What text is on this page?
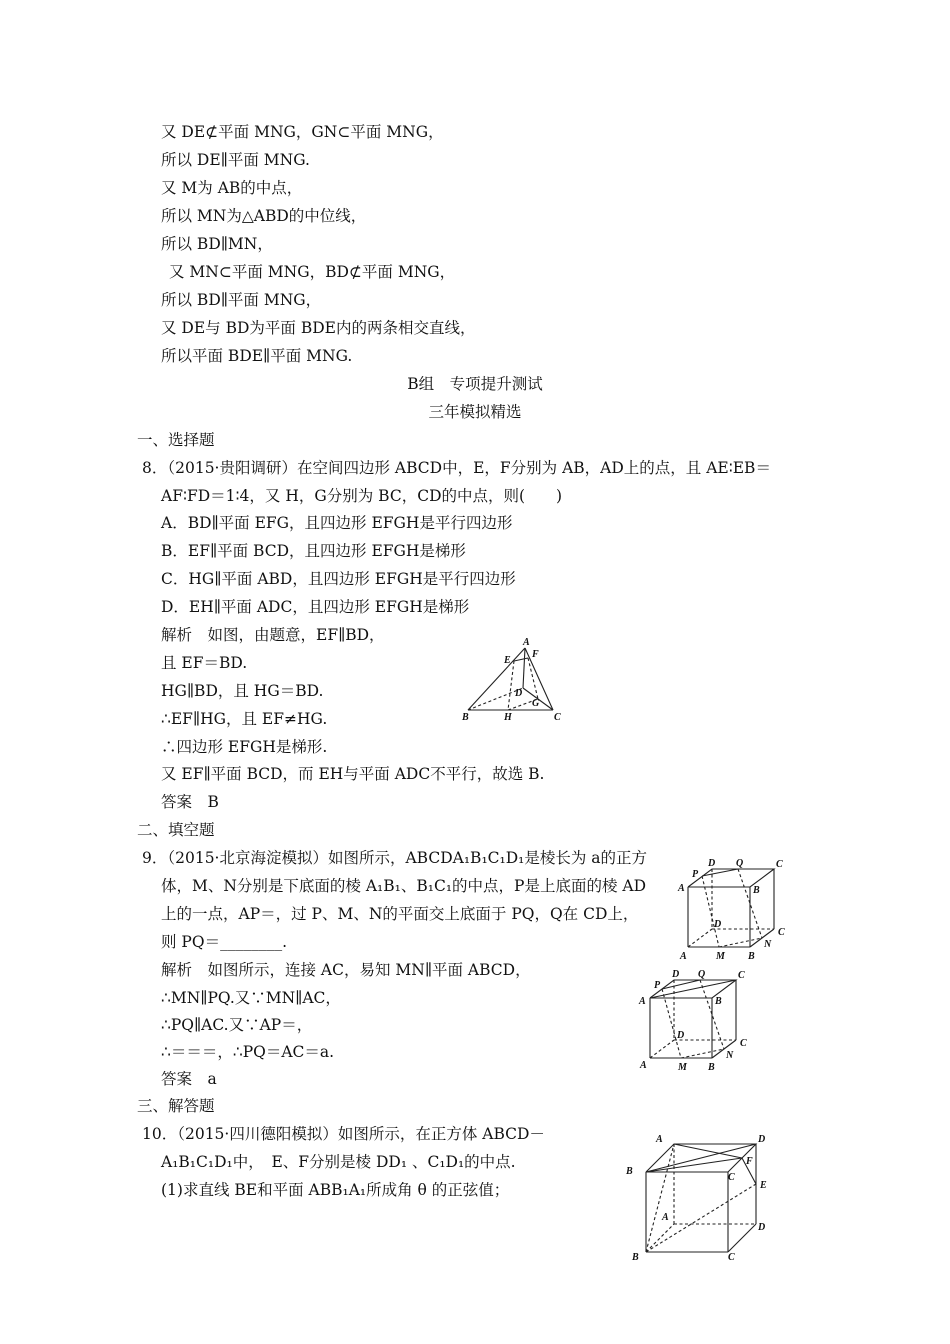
又 DE⊄平面 MNG，GN⊂平面 MNG，
所以 DE∥平面 MNG.
又 M为 AB的中点，
所以 MN为△ABD的中位线，
所以 BD∥MN，
又 MN⊂平面 MNG，BD⊄平面 MNG，
所以 BD∥平面 MNG，
又 DE与 BD为平面 BDE内的两条相交直线，
所以平面 BDE∥平面 MNG.
B组　专项提升测试
三年模拟精选
一、选择题
8．（2015·贵阳调研）在空间四边形 ABCD中，E，F分别为 AB，AD上的点，且 AE∶EB＝
AF∶FD＝1∶4，又 H，G分别为 BC，CD的中点，则(　　)
A．BD∥平面 EFG，且四边形 EFGH是平行四边形
B．EF∥平面 BCD，且四边形 EFGH是梯形
C．HG∥平面 ABD，且四边形 EFGH是平行四边形
D．EH∥平面 ADC，且四边形 EFGH是梯形
解析　如图，由题意，EF∥BD，
且 EF＝BD.
HG∥BD，且 HG＝BD.
∴EF∥HG，且 EF≠HG.
∴四边形 EFGH是梯形.
又 EF∥平面 BCD，而 EH与平面 ADC不平行，故选 B.
答案　B
A
E
F
D
B	H
G
C
二、填空题
9．（2015·北京海淀模拟）如图所示，ABCDA₁B₁C₁D₁是棱长为 a的正方
体，M、N分别是下底面的棱 A₁B₁、B₁C₁的中点，P是上底面的棱 AD
上的一点，AP＝，过 P、M、N的平面交上底面于 PQ，Q在 CD上，
则 PQ＝________.
解析　如图所示，连接 AC，易知 MN∥平面 ABCD，
∴MN∥PQ.又∵MN∥AC，
∴PQ∥AC.又∵AP＝，
∴＝＝＝，∴PQ＝AC＝a.
答案　a
D Q	C
A
P
B
D
C
N
A	M B
D Q	C
P
A	B
D
C
N
A	M B
三、解答题
10．（2015·四川德阳模拟）如图所示，在正方体 ABCD－
A₁B₁C₁D₁中，　E、F分别是棱 DD₁ 、C₁D₁的中点.
(1)求直线 BE和平面 ABB₁A₁所成角 θ 的正弦值；
A	D
B
F
C
E
A
D
B	C
